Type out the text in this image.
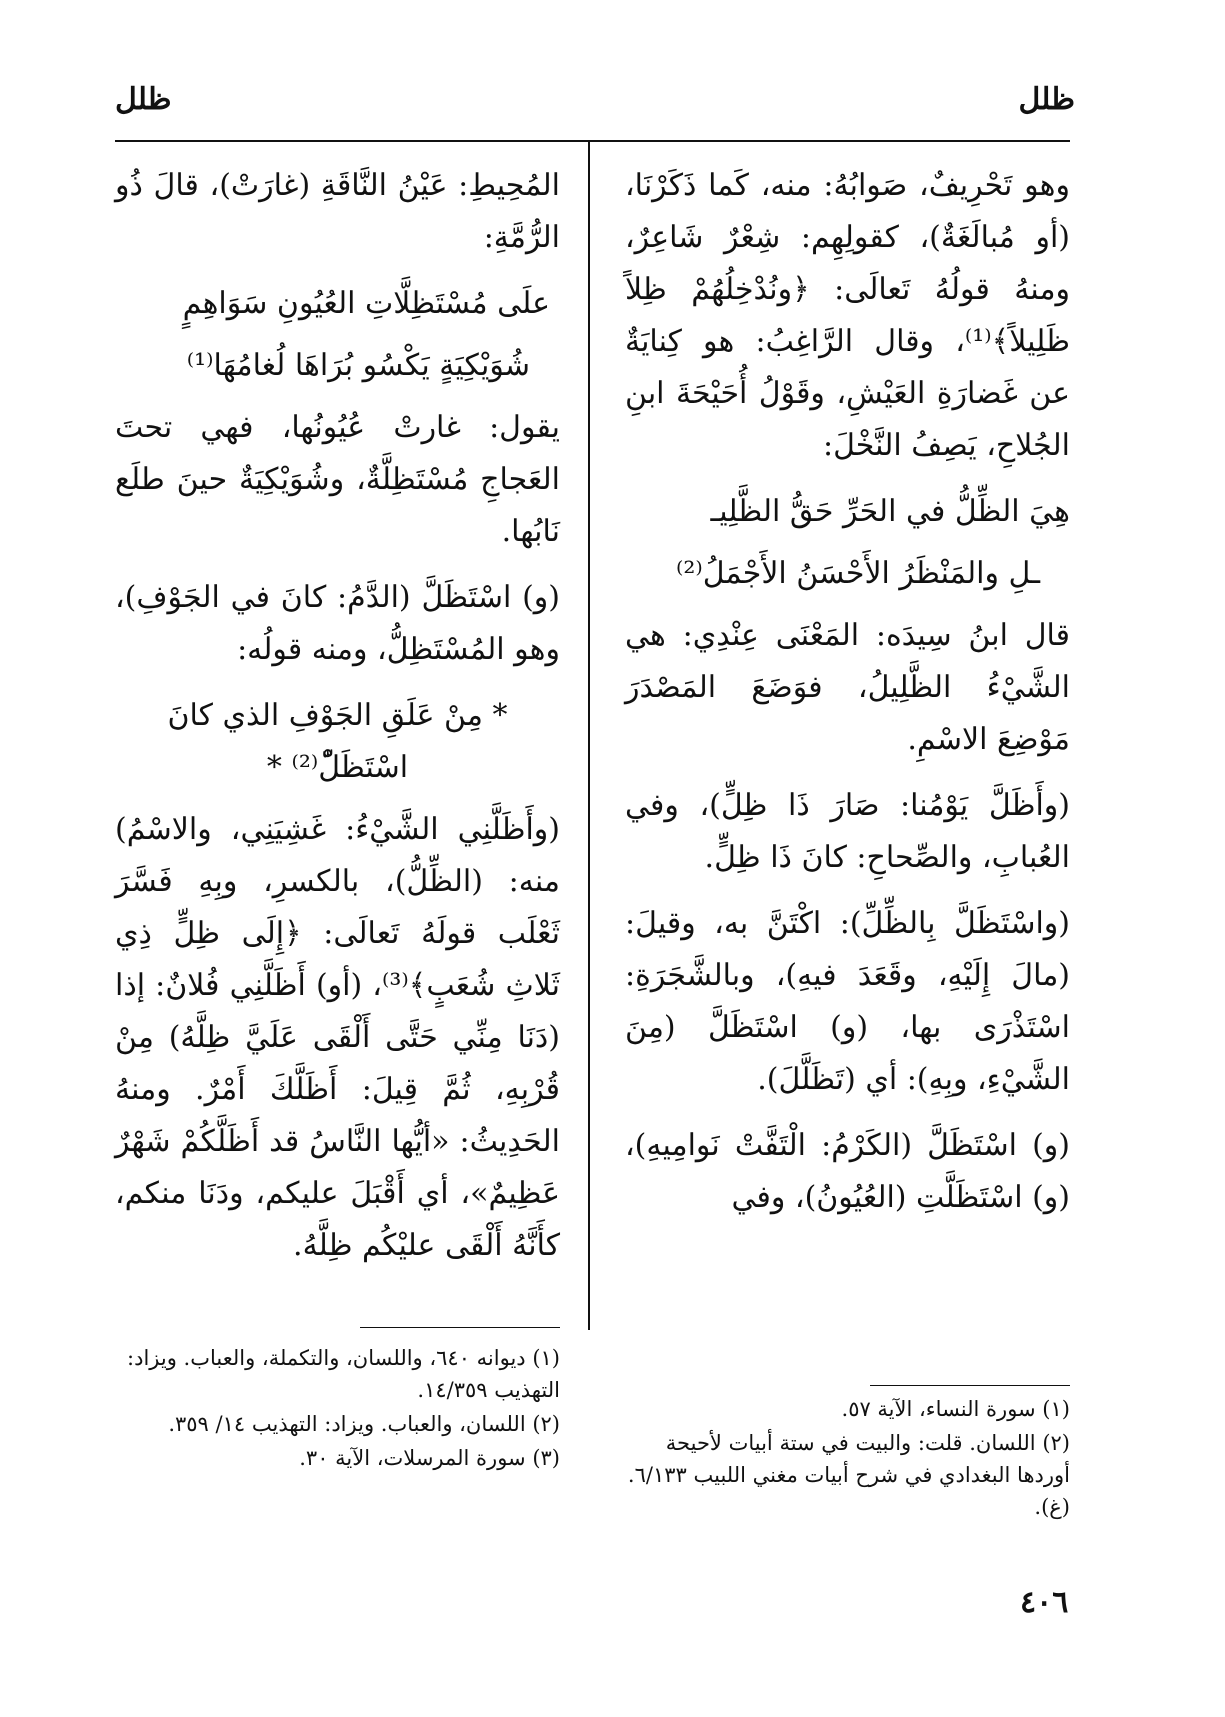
ظلل
ظلل

وهو تَحْرِيفٌ، صَوابُهُ: منه، كَما ذَكَرْنَا، (أو مُبالَغَةٌ)، كقولِهِم: شِعْرٌ شَاعِرٌ، ومنهُ قولُهُ تَعالَى: ﴿ونُدْخِلُهُمْ ظِلاً ظَلِيلاً﴾⁽¹⁾، وقال الرَّاغِبُ: هو كِنايَةٌ عن غَضارَةِ العَيْشِ، وقَوْلُ أُحَيْحَةَ ابنِ الجُلاحِ، يَصِفُ النَّخْلَ:

هِيَ الظِّلُّ في الحَرِّ حَقُّ الظَّلِيـ

ـلِ والمَنْظَرُ الأَحْسَنُ الأَجْمَلُ⁽²⁾

قال ابنُ سِيدَه: المَعْنَى عِنْدِي: هي الشَّيْءُ الظَّلِيلُ، فوَضَعَ المَصْدَرَ مَوْضِعَ الاسْمِ.

(وأَظَلَّ يَوْمُنا: صَارَ ذَا ظِلٍّ)، وفي العُبابِ، والصِّحاحِ: كانَ ذَا ظِلٍّ.

(واسْتَظَلَّ بِالظِّلِّ): اكْتَنَّ به، وقيلَ: (مالَ إِلَيْهِ، وقَعَدَ فيهِ)، وبالشَّجَرَةِ: اسْتَذْرَى بها، (و) اسْتَظَلَّ (مِنَ الشَّيْءِ، وبِهِ): أي (تَظَلَّلَ).

(و) اسْتَظَلَّ (الكَرْمُ: الْتَفَّتْ نَوامِيهِ)، (و) اسْتَظَلَّتِ (العُيُونُ)، وفي

المُحِيطِ: عَيْنُ النَّاقَةِ (غارَتْ)، قالَ ذُو الرُّمَّةِ:

علَى مُسْتَظِلَّاتِ العُيُونِ سَوَاهِمٍ

شُوَيْكِيَةٍ يَكْسُو بُرَاهَا لُغامُهَا⁽¹⁾

يقول: غارتْ عُيُونُها، فهي تحتَ العَجاجِ مُسْتَظِلَّةٌ، وشُوَيْكِيَةٌ حينَ طلَع نَابُها.

(و) اسْتَظَلَّ (الدَّمُ: كانَ في الجَوْفِ)، وهو المُسْتَظِلُّ، ومنه قولُه:

* مِنْ عَلَقِ الجَوْفِ الذي كانَ اسْتَظَلّْ⁽²⁾ *

(وأَظَلَّنِي الشَّيْءُ: غَشِيَنِي، والاسْمُ) منه: (الظِّلُّ)، بالكسرِ، وبِهِ فَسَّرَ ثَعْلَب قولَهُ تَعالَى: ﴿إِلَى ظِلٍّ ذِي ثَلاثِ شُعَبٍ﴾⁽³⁾، (أو) أَظَلَّنِي فُلانٌ: إذا (دَنَا مِنِّي حَتَّى أَلْقَى عَلَيَّ ظِلَّهُ) مِنْ قُرْبِهِ، ثُمَّ قِيلَ: أَظَلَّكَ أَمْرٌ. ومنهُ الحَدِيثُ: «أيُّها النَّاسُ قد أَظَلَّكُمْ شَهْرٌ عَظِيمٌ»، أي أَقْبَلَ عليكم، ودَنَا منكم، كأَنَّهُ أَلْقَى عليْكُم ظِلَّهُ.

(١) سورة النساء، الآية ٥٧.

(٢) اللسان. قلت: والبيت في ستة أبيات لأحيحة أوردها البغدادي في شرح أبيات مغني اللبيب ٦/١٣٣. (غ).

(١) ديوانه ٦٤٠، واللسان، والتكملة، والعباب. ويزاد: التهذيب ١٤/٣٥٩.

(٢) اللسان، والعباب. ويزاد: التهذيب ١٤/ ٣٥٩.

(٣) سورة المرسلات، الآية ٣٠.

٤٠٦
